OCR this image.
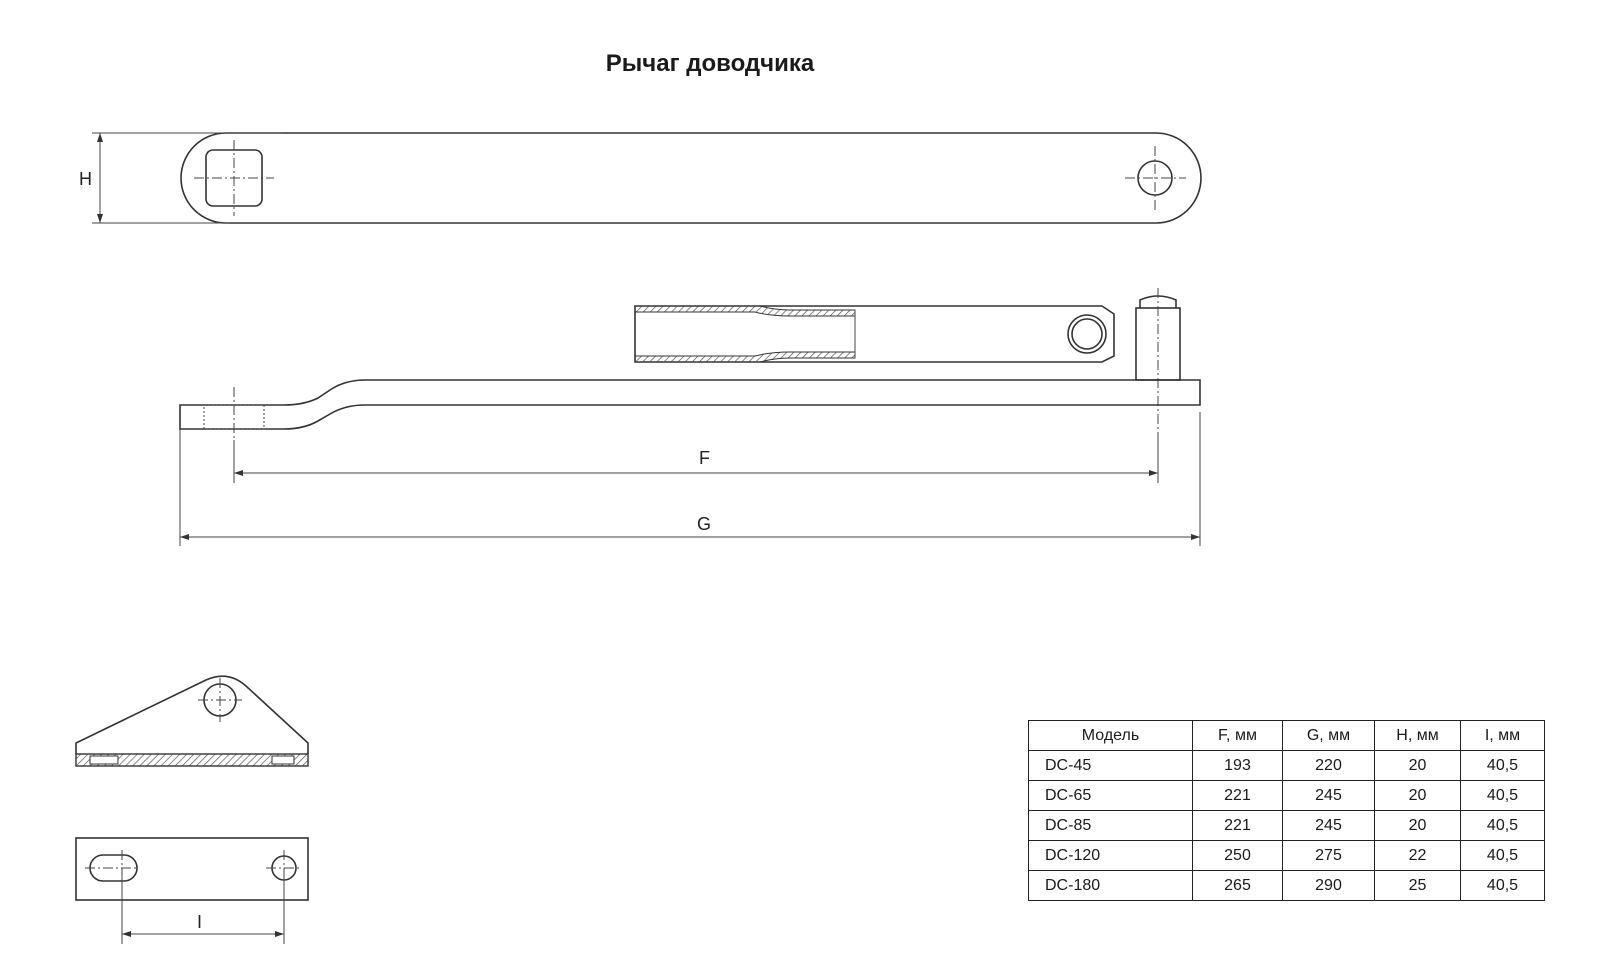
Рычаг доводчика
H
F
G
I
Модель	F, мм	G, мм	H, мм	I, мм
DC-45	193	220	20	40,5
DC-65	221	245	20	40,5
DC-85	221	245	20	40,5
DC-120	250	275	22	40,5
DC-180	265	290	25	40,5
